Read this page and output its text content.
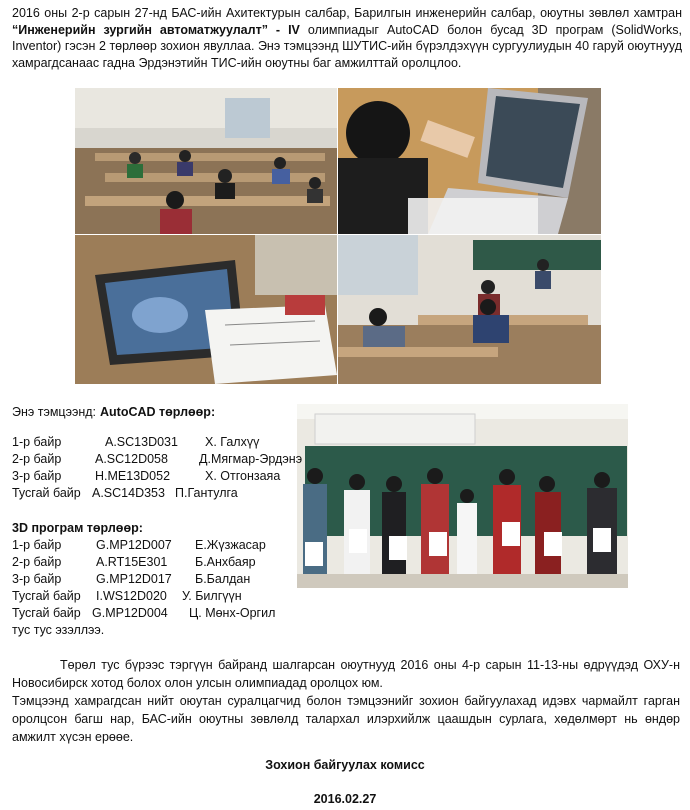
2016 оны 2-р сарын 27-нд БАС-ийн Ахитектурын салбар, Барилгын инженерийн салбар, оюутны зөвлөл хамтран “Инженерийн зургийн автоматжуулалт” - IV олимпиадыг AutoCAD болон бусад 3D програм (SolidWorks, Inventor) гэсэн 2 төрлөөр зохион явуллаа. Энэ тэмцээнд ШУТИС-ийн бүрэлдэхүүн сургуулиудын 40 гаруй оюутнууд хамрагдсанаас гадна Эрдэнэтийн ТИС-ийн оюутны баг амжилттай оролцлоо.
Энэ тэмцээнд: AutoCAD төрлөөр:
1-р байр	A.SC13D031 Х. Галхүү
2-р байр	A.SC12D058 Д.Мягмар-Эрдэнэ
3-р байр	H.ME13D052	Х. Отгонзаяа
Тусгай байр A.SC14D353 П.Гантулга
3D програм төрлөөр:
1-р байр	G.MP12D007 Е.Жүзжасар
2-р байр	A.RT15E301 Б.Анхбаяр
3-р байр	G.MP12D017 Б.Балдан
Тусгай байр I.WS12D020 У. Билгүүн
Тусгай байр G.MP12D004 Ц. Мөнх-Оргил
тус тус эзэллээ.
Төрөл тус бүрээс тэргүүн байранд шалгарсан оюутнууд 2016 оны 4-р сарын 11-13-ны өдрүүдэд ОХУ-н Новосибирск хотод болох олон улсын олимпиадад оролцох юм.
Тэмцээнд хамрагдсан нийт оюутан суралцагчид болон тэмцээнийг зохион байгуулахад идэвх чармайлт гарган оролцсон багш нар, БАС-ийн оюутны зөвлөлд талархал илэрхийлж цаашдын сурлага, хөдөлмөрт нь өндөр амжилт хүсэн ерөөе.
Зохион байгуулах комисс
2016.02.27
